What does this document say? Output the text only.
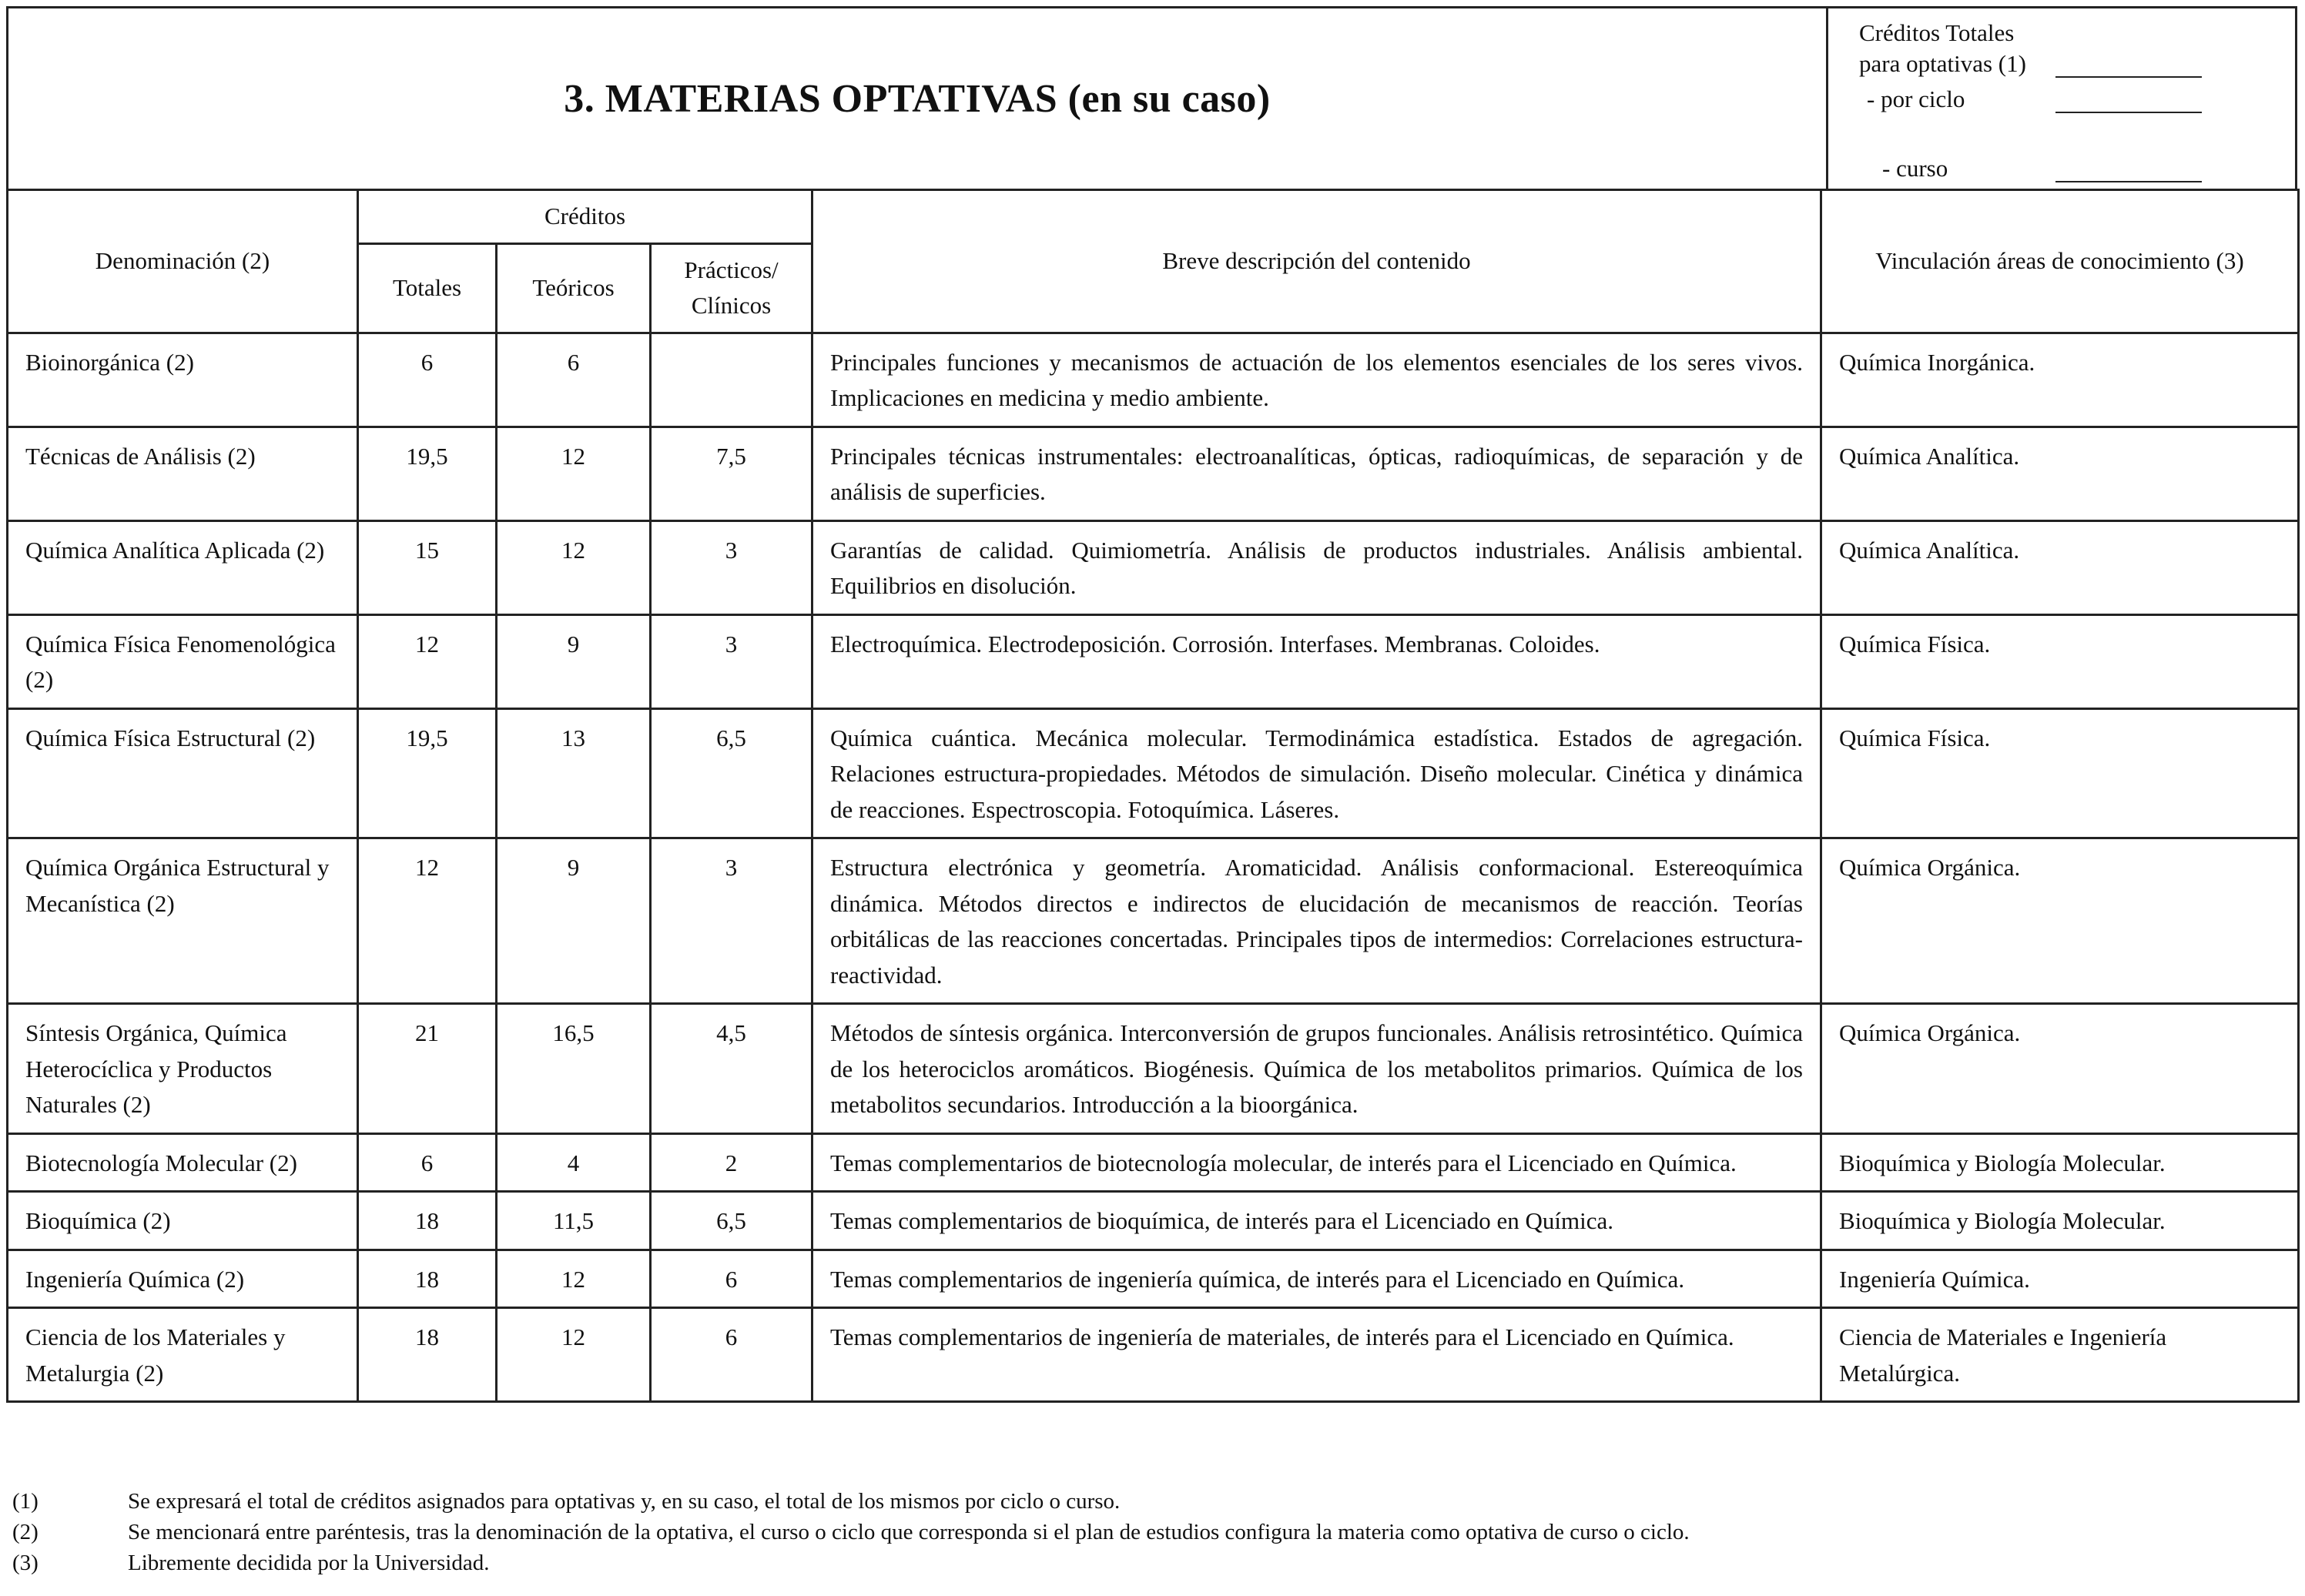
3. MATERIAS OPTATIVAS (en su caso)
Créditos Totales
para optativas (1)
- por ciclo
- curso
Denominación (2)	Créditos			Breve descripción del contenido	Vinculación áreas de conocimiento (3)
	Totales	Teóricos	Prácticos/ Clínicos		
Bioinorgánica (2)	6	6		Principales funciones y mecanismos de actuación de los elementos esenciales de los seres vivos. Implicaciones en medicina y medio ambiente.	Química Inorgánica.
Técnicas de Análisis (2)	19,5	12	7,5	Principales técnicas instrumentales: electroanalíticas, ópticas, radioquímicas, de separación y de análisis de superficies.	Química Analítica.
Química Analítica Aplicada (2)	15	12	3	Garantías de calidad. Quimiometría. Análisis de productos industriales. Análisis ambiental. Equilibrios en disolución.	Química Analítica.
Química Física Fenomenológica (2)	12	9	3	Electroquímica. Electrodeposición. Corrosión. Interfases. Membranas. Coloides.	Química Física.
Química Física Estructural (2)	19,5	13	6,5	Química cuántica. Mecánica molecular. Termodinámica estadística. Estados de agregación. Relaciones estructura-propiedades. Métodos de simulación. Diseño molecular. Cinética y dinámica de reacciones. Espectroscopia. Fotoquímica. Láseres.	Química Física.
Química Orgánica Estructural y Mecanística (2)	12	9	3	Estructura electrónica y geometría. Aromaticidad. Análisis conformacional. Estereoquímica dinámica. Métodos directos e indirectos de elucidación de mecanismos de reacción. Teorías orbitálicas de las reacciones concertadas. Principales tipos de intermedios: Correlaciones estructura-reactividad.	Química Orgánica.
Síntesis Orgánica, Química Heterocíclica y Productos Naturales (2)	21	16,5	4,5	Métodos de síntesis orgánica. Interconversión de grupos funcionales. Análisis retrosintético. Química de los heterociclos aromáticos. Biogénesis. Química de los metabolitos primarios. Química de los metabolitos secundarios. Introducción a la bioorgánica.	Química Orgánica.
Biotecnología Molecular (2)	6	4	2	Temas complementarios de biotecnología molecular, de interés para el Licenciado en Química.	Bioquímica y Biología Molecular.
Bioquímica (2)	18	11,5	6,5	Temas complementarios de bioquímica, de interés para el Licenciado en Química.	Bioquímica y Biología Molecular.
Ingeniería Química (2)	18	12	6	Temas complementarios de ingeniería química, de interés para el Licenciado en Química.	Ingeniería Química.
Ciencia de los Materiales y Metalurgia (2)	18	12	6	Temas complementarios de ingeniería de materiales, de interés para el Licenciado en Química.	Ciencia de Materiales e Ingeniería Metalúrgica.
(1)	Se expresará el total de créditos asignados para optativas y, en su caso, el total de los mismos por ciclo o curso.
(2)	Se mencionará entre paréntesis, tras la denominación de la optativa, el curso o ciclo que corresponda si el plan de estudios configura la materia como optativa de curso o ciclo.
(3)	Libremente decidida por la Universidad.
